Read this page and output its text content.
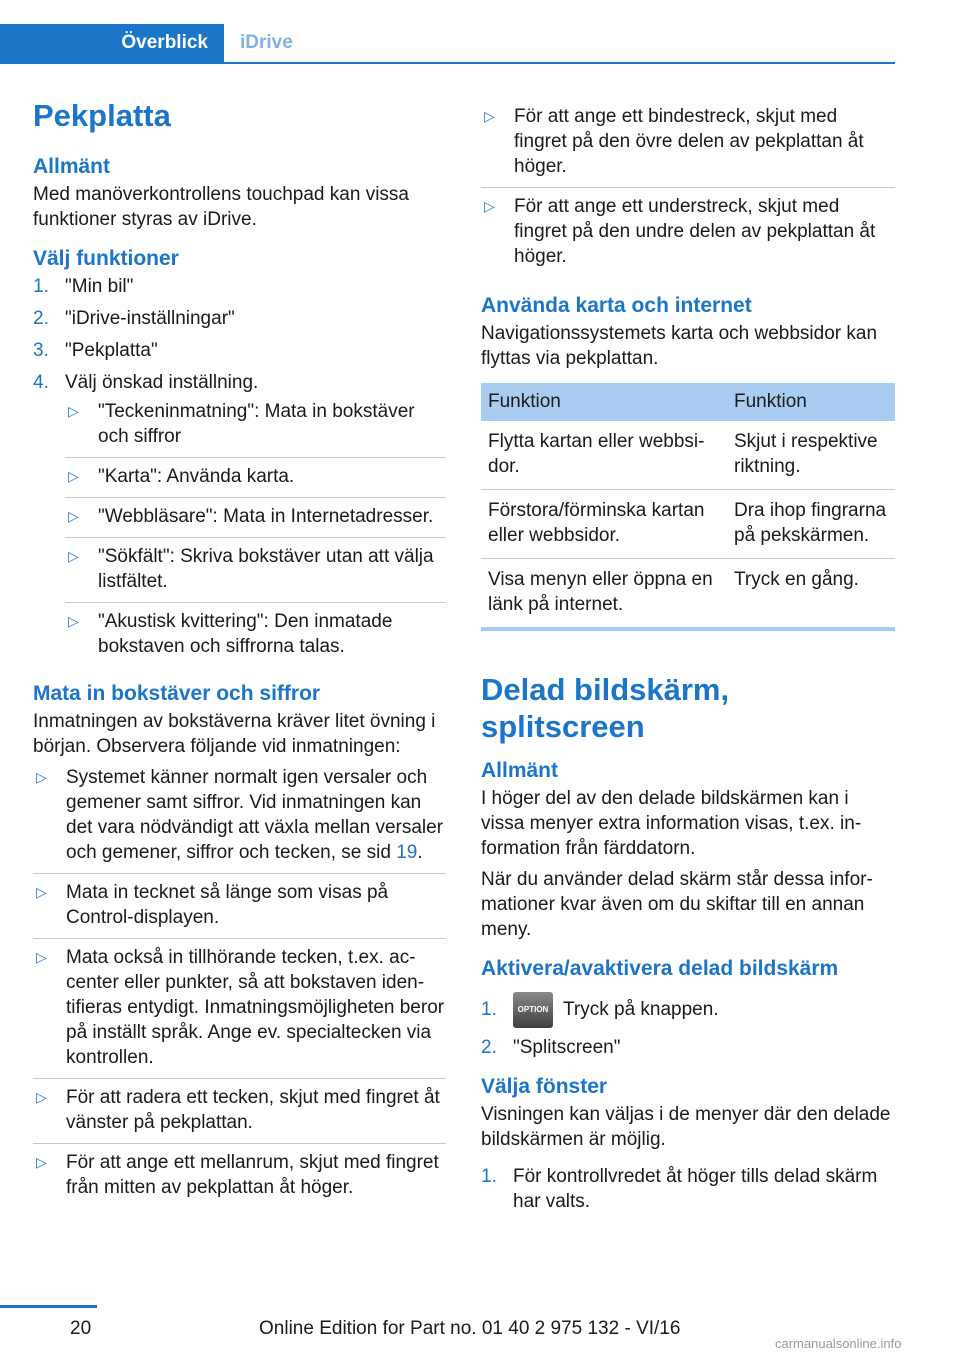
Överblick iDrive
Pekplatta
Allmänt

Med manöverkontrollens touchpad kan vissa funktioner styras av iDrive.

Välj funktioner
1. "Min bil"
2. "iDrive-inställningar"
3. "Pekplatta"
4. Välj önskad inställning.
▷ "Teckeninmatning": Mata in bokstäver och siffror
▷ "Karta": Använda karta.
▷ "Webbläsare": Mata in Internetadresser.
▷ "Sökfält": Skriva bokstäver utan att välja listfältet.
▷ "Akustisk kvittering": Den inmatade bokstaven och siffrorna talas.
Mata in bokstäver och siffror

Inmatningen av bokstäverna kräver litet övning i början. Observera följande vid inmatningen:

▷ Systemet känner normalt igen versaler och gemener samt siffror. Vid inmatningen kan det vara nödvändigt att växla mellan versaler och gemener, siffror och tecken, se sid 19.
▷ Mata in tecknet så länge som visas på Control-displayen.
▷ Mata också in tillhörande tecken, t.ex. accenter eller punkter, så att bokstaven identifieras entydigt. Inmatningsmöjligheten beror på inställt språk. Ange ev. specialtecken via kontrollen.
▷ För att radera ett tecken, skjut med fingret åt vänster på pekplattan.
▷ För att ange ett mellanrum, skjut med fingret från mitten av pekplattan åt höger.
▷ För att ange ett bindestreck, skjut med fingret på den övre delen av pekplattan åt höger.
▷ För att ange ett understreck, skjut med fingret på den undre delen av pekplattan åt höger.
Använda karta och internet

Navigationssystemets karta och webbsidor kan flyttas via pekplattan.

Funktion	Funktion
Flytta kartan eller webbsidor.	Skjut i respektive riktning.
Förstora/förminska kartan eller webbsidor.	Dra ihop fingrarna på pekskärmen.
Visa menyn eller öppna en länk på internet.	Tryck en gång.
Delad bildskärm, splitscreen
Allmänt

I höger del av den delade bildskärmen kan i vissa menyer extra information visas, t.ex. information från färddatorn.

När du använder delad skärm står dessa informationer kvar även om du skiftar till en annan meny.

Aktivera/avaktivera delad bildskärm
1.	OPTION Tryck på knappen.
2. "Splitscreen"
Välja fönster

Visningen kan väljas i de menyer där den delade bildskärmen är möjlig.

1. För kontrollvredet åt höger tills delad skärm har valts.
20	Online Edition for Part no. 01 40 2 975 132 - VI/16
carmanualsonline.info
